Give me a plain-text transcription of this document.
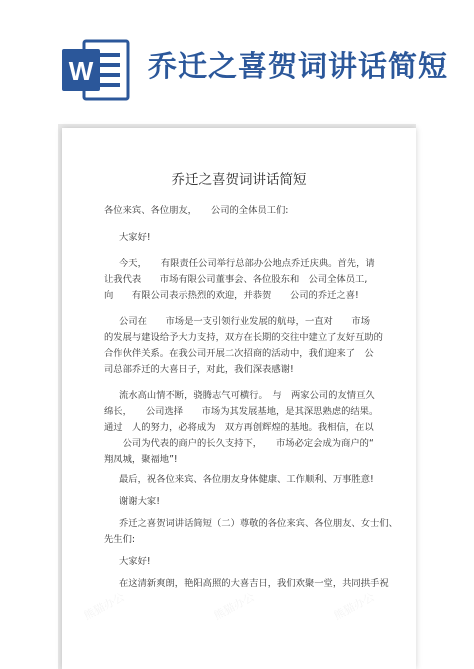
W 乔迁之喜贺词讲话简短
乔迁之喜贺词讲话简短
各位来宾、各位朋友，　　公司的全体员工们:
大家好!
今天，　　有限责任公司举行总部办公地点乔迁庆典。首先，请
让我代表　　市场有限公司董事会、各位股东和　公司全体员工,
向　　有限公司表示热烈的欢迎，并恭贺　　公司的乔迁之喜!
公司在　　市场是一支引领行业发展的航母，一直对　　市场
的发展与建设给予大力支持，双方在长期的交往中建立了友好互助的
合作伙伴关系。在我公司开展二次招商的活动中，我们迎来了　公
司总部乔迁的大喜日子，对此，我们深表感谢!
流水高山情不断，骁腾志气可横行。　与　两家公司的友情亘久
绵长，　　公司选择　　市场为其发展基地，是其深思熟虑的结果。
通过　人的努力，必将成为　双方再创辉煌的基地。我相信，在以
　　公司为代表的商户的长久支持下，　　市场必定会成为商户的“
翔凤城，聚福地”!
最后，祝各位来宾、各位朋友身体健康、工作顺利、万事胜意!
谢谢大家!
乔迁之喜贺词讲话简短（二）尊敬的各位来宾、各位朋友、女士们、
先生们:
大家好!
在这清新爽朗，艳阳高照的大喜吉日，我们欢聚一堂，共同拱手祝
熊猫办公	熊猫办公	熊猫办公
